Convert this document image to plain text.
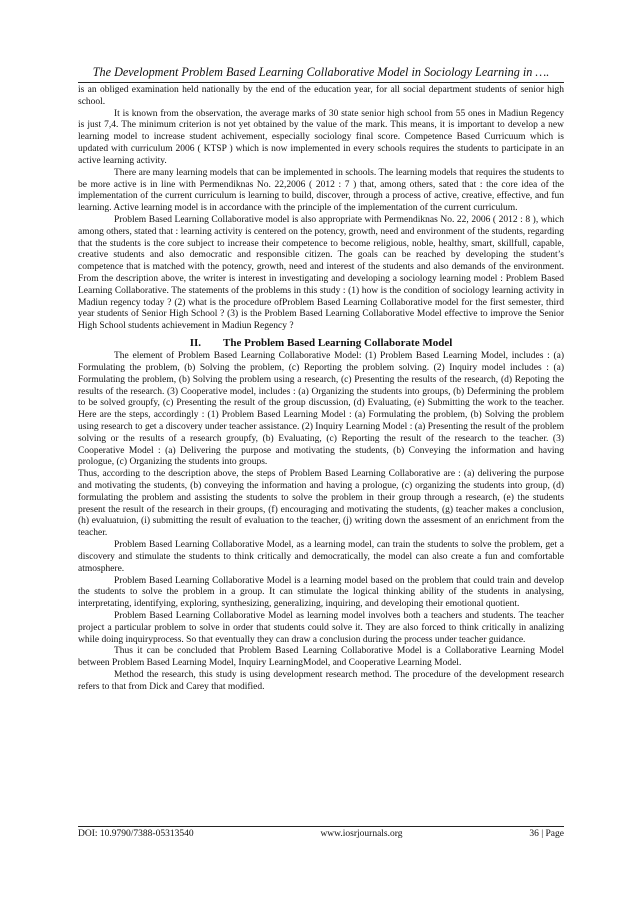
The Development Problem Based Learning Collaborative Model in Sociology Learning in ….

is an obliged examination held nationally by the end of the education year, for all social department students of senior high school.

It is known from the observation, the average marks of 30 state senior high school from 55 ones in Madiun Regency is just 7,4. The minimum criterion is not yet obtained by the value of the mark. This means, it is important to develop a new learning model to increase student achivement, especially sociology final score. Competence Based Curricuum which is updated with curriculum 2006 ( KTSP ) which is now implemented in every schools requires the students to participate in an active learning activity.

There are many learning models that can be implemented in schools. The learning models that requires the students to be more active is in line with Permendiknas No. 22,2006 ( 2012 : 7 ) that, among others, sated that : the core idea of the implementation of the current curriculum is learning to build, discover, through a process of active, creative, effective, and fun learning. Active learning model is in accordance with the principle of the implementation of the current curriculum.

Problem Based Learning Collaborative model is also appropriate with Permendiknas No. 22, 2006 ( 2012 : 8 ), which among others, stated that : learning activity is centered on the potency, growth, need and environment of the students, regarding that the students is the core subject to increase their competence to become religious, noble, healthy, smart, skillfull, capable, creative students and also democratic and responsible citizen. The goals can be reached by developing the student’s competence that is matched with the potency, growth, need and interest of the students and also demands of the environment. From the description above, the writer is interest in investigating and developing a sociology learning model : Problem Based Learning Collaborative. The statements of the problems in this study : (1) how is the condition of sociology learning activity in Madiun regency today ? (2) what is the procedure ofProblem Based Learning Collaborative model for the first semester, third year students of Senior High School ? (3) is the Problem Based Learning Collaborative Model effective to improve the Senior High School students achievement in Madiun Regency ?

II. The Problem Based Learning Collaborate Model

The element of Problem Based Learning Collaborative Model: (1) Problem Based Learning Model, includes : (a) Formulating the problem, (b) Solving the problem, (c) Reporting the problem solving. (2) Inquiry model includes : (a) Formulating the problem, (b) Solving the problem using a research, (c) Presenting the results of the research, (d) Repoting the results of the research. (3) Cooperative model, includes : (a) Organizing the students into groups, (b) Defermining the problem to be solved groupfy, (c) Presenting the result of the group discussion, (d) Evaluating, (e) Submitting the work to the teacher. Here are the steps, accordingly : (1) Problem Based Learning Model : (a) Formulating the problem, (b) Solving the problem using research to get a discovery under teacher assistance. (2) Inquiry Learning Model : (a) Presenting the result of the problem solving or the results of a research groupfy, (b) Evaluating, (c) Reporting the result of the research to the teacher. (3) Cooperative Model : (a) Delivering the purpose and motivating the students, (b) Conveying the information and having prologue, (c) Organizing the students into groups.

Thus, according to the description above, the steps of Problem Based Learning Collaborative are : (a) delivering the purpose and motivating the students, (b) conveying the information and having a prologue, (c) organizing the students into group, (d) formulating the problem and assisting the students to solve the problem in their group through a research, (e) the students present the result of the research in their groups, (f) encouraging and motivating the students, (g) teacher makes a conclusion, (h) evaluatuion, (i) submitting the result of evaluation to the teacher, (j) writing down the assesment of an enrichment from the teacher.

Problem Based Learning Collaborative Model, as a learning model, can train the students to solve the problem, get a discovery and stimulate the students to think critically and democratically, the model can also create a fun and comfortable atmosphere.

Problem Based Learning Collaborative Model is a learning model based on the problem that could train and develop the students to solve the problem in a group. It can stimulate the logical thinking ability of the students in analysing, interpretating, identifying, exploring, synthesizing, generalizing, inquiring, and developing their emotional quotient.

Problem Based Learning Collaborative Model as learning model involves both a teachers and students. The teacher project a particular problem to solve in order that students could solve it. They are also forced to think critically in analizing while doing inquiryprocess. So that eventually they can draw a conclusion during the process under teacher guidance.

Thus it can be concluded that Problem Based Learning Collaborative Model is a Collaborative Learning Model between Problem Based Learning Model, Inquiry LearningModel, and Cooperative Learning Model.

Method the research, this study is using development research method. The procedure of the development research refers to that from Dick and Carey that modified.

DOI: 10.9790/7388-05313540	www.iosrjournals.org	36 | Page
